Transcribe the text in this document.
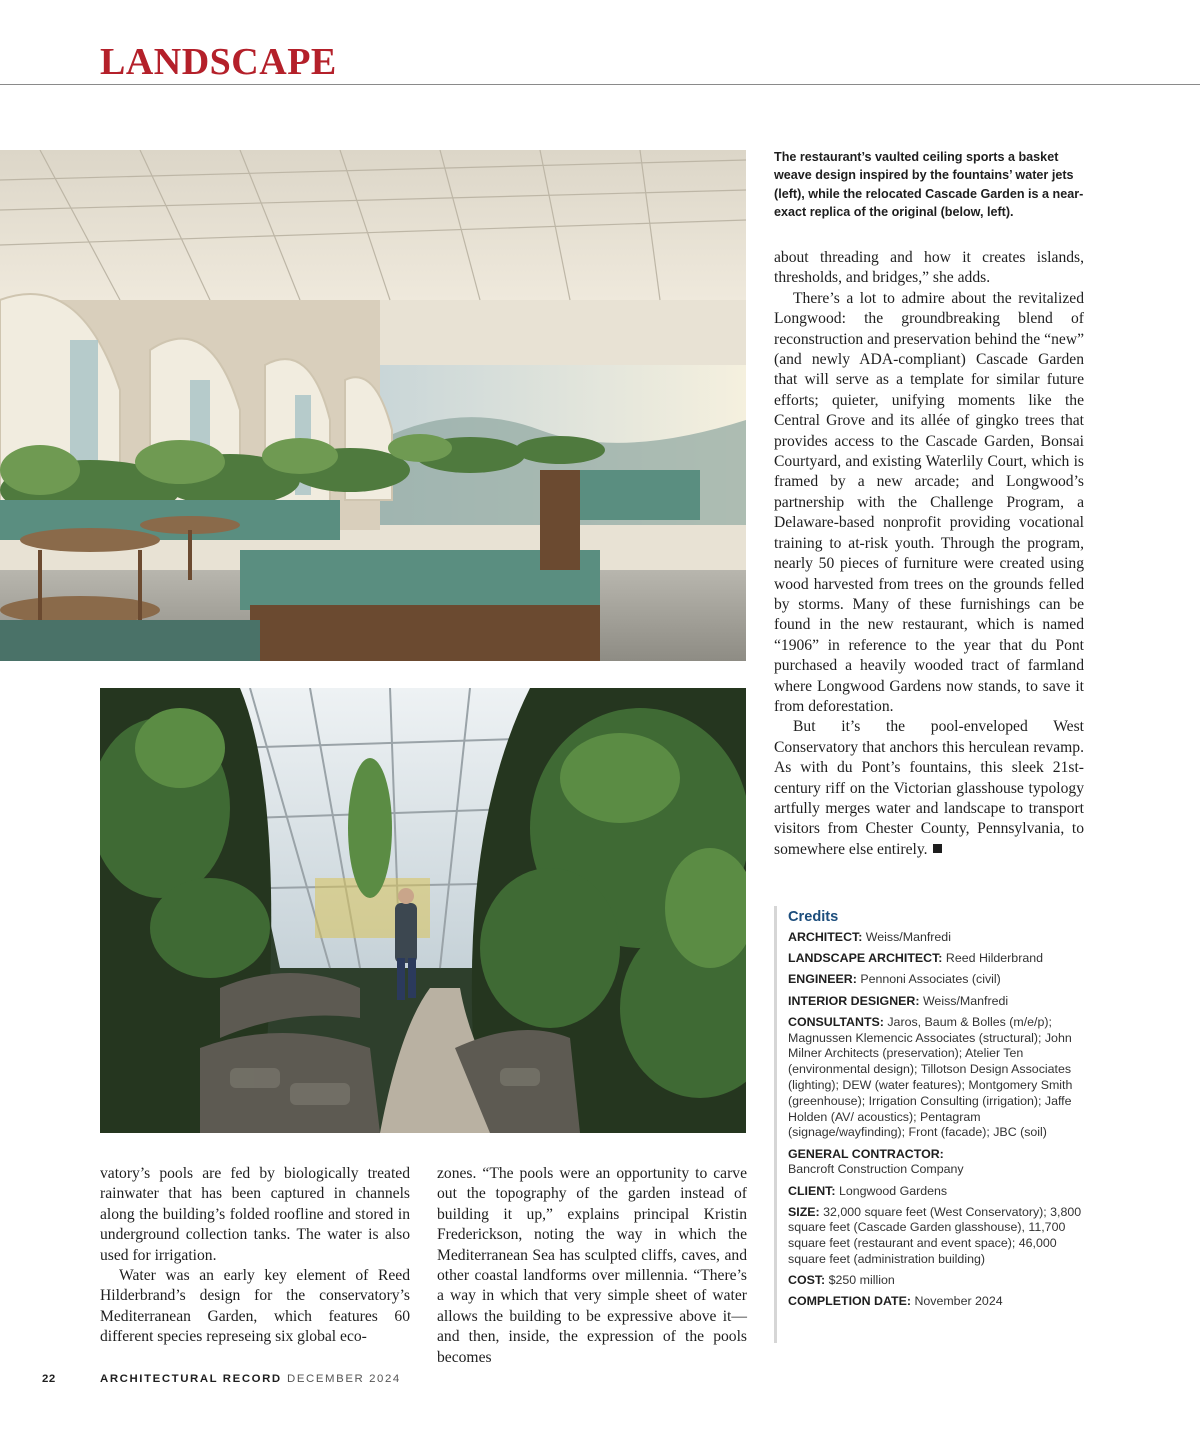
LANDSCAPE
The restaurant’s vaulted ceiling sports a basket weave design inspired by the fountains’ water jets (left), while the relocated Cascade Garden is a near-exact replica of the original (below, left).

about threading and how it creates islands, thresholds, and bridges,” she adds.

There’s a lot to admire about the revitalized Longwood: the groundbreaking blend of reconstruction and preservation behind the “new” (and newly ADA-compliant) Cascade Garden that will serve as a template for similar future efforts; quieter, unifying moments like the Central Grove and its allée of gingko trees that provides access to the Cascade Garden, Bonsai Courtyard, and existing Waterlily Court, which is framed by a new arcade; and Longwood’s partnership with the Challenge Program, a Delaware-based nonprofit providing vocational training to at-risk youth. Through the program, nearly 50 pieces of furniture were created using wood harvested from trees on the grounds felled by storms. Many of these furnishings can be found in the new restaurant, which is named “1906” in reference to the year that du Pont purchased a heavily wooded tract of farmland where Longwood Gardens now stands, to save it from deforestation.

But it’s the pool-enveloped West Conservatory that anchors this herculean revamp. As with du Pont’s fountains, this sleek 21st-century riff on the Victorian glasshouse typology artfully merges water and landscape to transport visitors from Chester County, Pennsylvania, to somewhere else entirely.

vatory’s pools are fed by biologically treated rainwater that has been captured in channels along the building’s folded roofline and stored in underground collection tanks. The water is also used for irrigation.

Water was an early key element of Reed Hilderbrand’s design for the conservatory’s Mediterranean Garden, which features 60 different species represeing six global eco-

zones. “The pools were an opportunity to carve out the topography of the garden instead of building it up,” explains principal Kristin Frederickson, noting the way in which the Mediterranean Sea has sculpted cliffs, caves, and other coastal landforms over millennia. “There’s a way in which that very simple sheet of water allows the building to be expressive above it—and then, inside, the expression of the pools becomes

Credits
ARCHITECT: Weiss/Manfredi
LANDSCAPE ARCHITECT: Reed Hilderbrand
ENGINEER: Pennoni Associates (civil)
INTERIOR DESIGNER: Weiss/Manfredi
CONSULTANTS: Jaros, Baum & Bolles (m/e/p); Magnussen Klemencic Associates (structural); John Milner Architects (preservation); Atelier Ten (environmental design); Tillotson Design Associates (lighting); DEW (water features); Montgomery Smith (greenhouse); Irrigation Consulting (irrigation); Jaffe Holden (AV/ acoustics); Pentagram (signage/wayfinding); Front (facade); JBC (soil)
GENERAL CONTRACTOR:
Bancroft Construction Company
CLIENT: Longwood Gardens
SIZE: 32,000 square feet (West Conservatory); 3,800 square feet (Cascade Garden glasshouse), 11,700 square feet (restaurant and event space); 46,000 square feet (administration building)
COST: $250 million
COMPLETION DATE: November 2024
22	ARCHITECTURAL RECORD DECEMBER 2024
